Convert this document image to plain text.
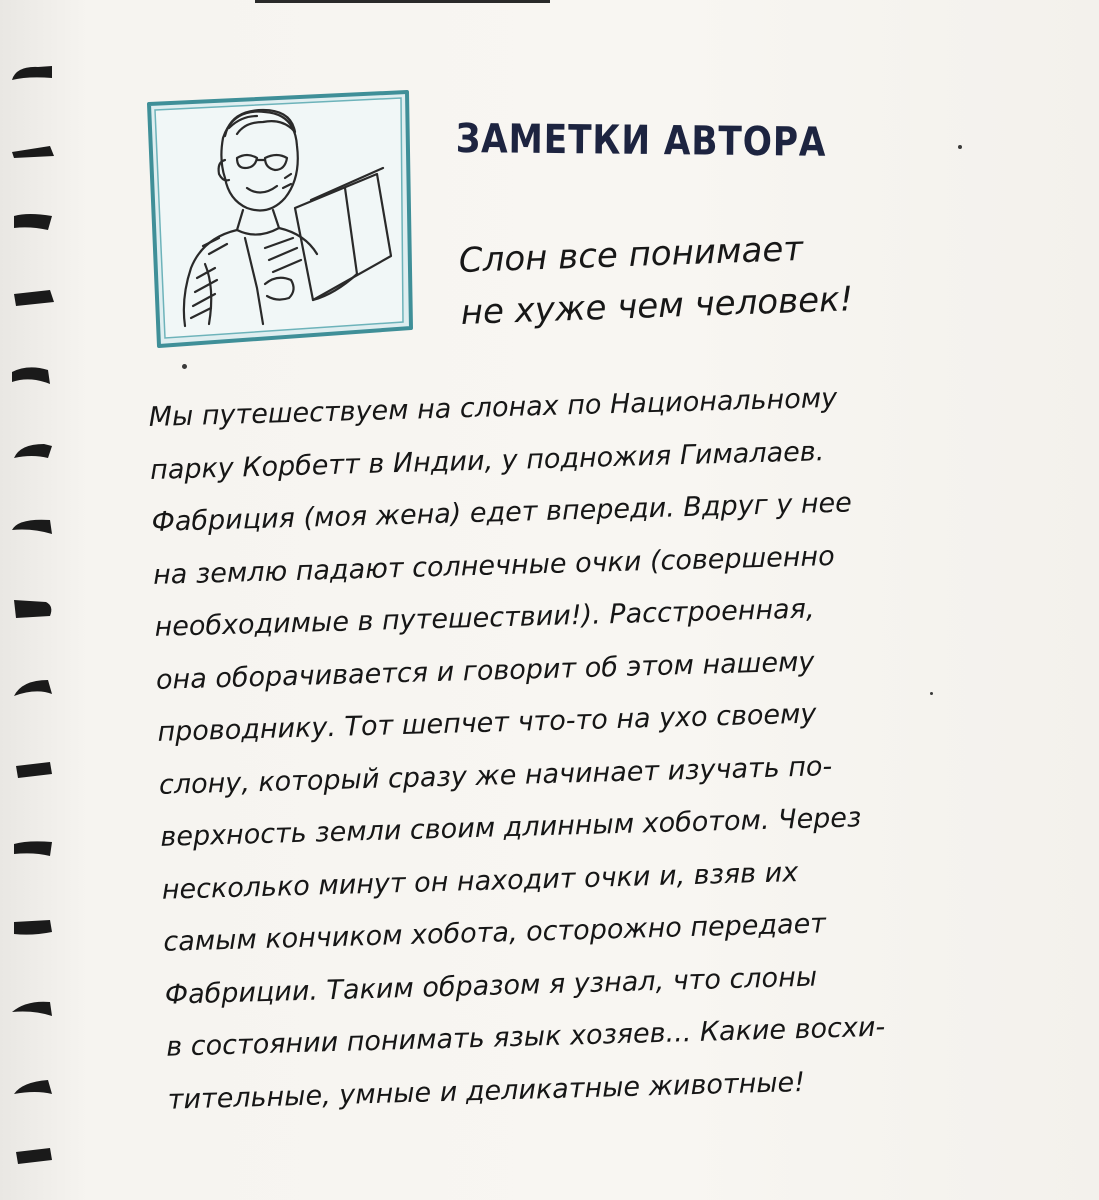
ЗАМЕТКИ АВТОРА
Слон все понимает
не хуже чем человек!
Мы путешествуем на слонах по Национальному
парку Корбетт в Индии, у подножия Гималаев.
Фабриция (моя жена) едет впереди. Вдруг у нее
на землю падают солнечные очки (совершенно
необходимые в путешествии!). Расстроенная,
она оборачивается и говорит об этом нашему
проводнику. Тот шепчет что-то на ухо своему
слону, который сразу же начинает изучать по-
верхность земли своим длинным хоботом. Через
несколько минут он находит очки и, взяв их
самым кончиком хобота, осторожно передает
Фабриции. Таким образом я узнал, что слоны
в состоянии понимать язык хозяев... Какие восхи-
тительные, умные и деликатные животные!
